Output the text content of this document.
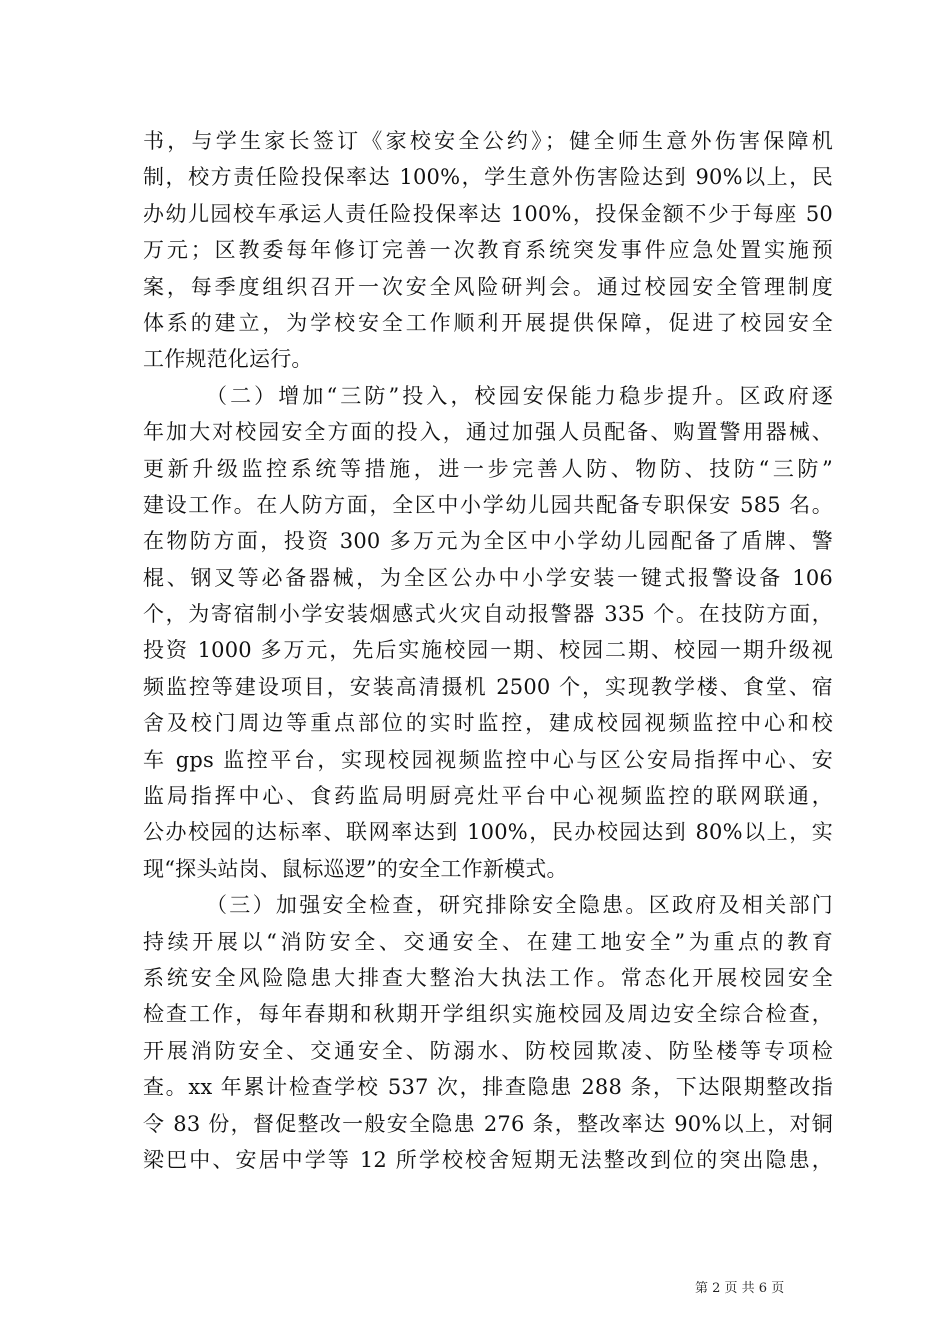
书，与学生家长签订《家校安全公约》；健全师生意外伤害保障机
制，校方责任险投保率达 100%，学生意外伤害险达到 90%以上，民
办幼儿园校车承运人责任险投保率达 100%，投保金额不少于每座 50
万元；区教委每年修订完善一次教育系统突发事件应急处置实施预
案，每季度组织召开一次安全风险研判会。通过校园安全管理制度
体系的建立，为学校安全工作顺利开展提供保障，促进了校园安全
工作规范化运行。
（二）增加“三防”投入，校园安保能力稳步提升。区政府逐
年加大对校园安全方面的投入，通过加强人员配备、购置警用器械、
更新升级监控系统等措施，进一步完善人防、物防、技防“三防”
建设工作。在人防方面，全区中小学幼儿园共配备专职保安 585 名。
在物防方面，投资 300 多万元为全区中小学幼儿园配备了盾牌、警
棍、钢叉等必备器械，为全区公办中小学安装一键式报警设备 106
个，为寄宿制小学安装烟感式火灾自动报警器 335 个。在技防方面，
投资 1000 多万元，先后实施校园一期、校园二期、校园一期升级视
频监控等建设项目，安装高清摄机 2500 个，实现教学楼、食堂、宿
舍及校门周边等重点部位的实时监控，建成校园视频监控中心和校
车 gps 监控平台，实现校园视频监控中心与区公安局指挥中心、安
监局指挥中心、食药监局明厨亮灶平台中心视频监控的联网联通，
公办校园的达标率、联网率达到 100%，民办校园达到 80%以上，实
现“探头站岗、鼠标巡逻”的安全工作新模式。
（三）加强安全检查，研究排除安全隐患。区政府及相关部门
持续开展以“消防安全、交通安全、在建工地安全”为重点的教育
系统安全风险隐患大排查大整治大执法工作。常态化开展校园安全
检查工作，每年春期和秋期开学组织实施校园及周边安全综合检查，
开展消防安全、交通安全、防溺水、防校园欺凌、防坠楼等专项检
查。xx 年累计检查学校 537 次，排查隐患 288 条，下达限期整改指
令 83 份，督促整改一般安全隐患 276 条，整改率达 90%以上，对铜
梁巴中、安居中学等 12 所学校校舍短期无法整改到位的突出隐患，
第 2 页 共 6 页
